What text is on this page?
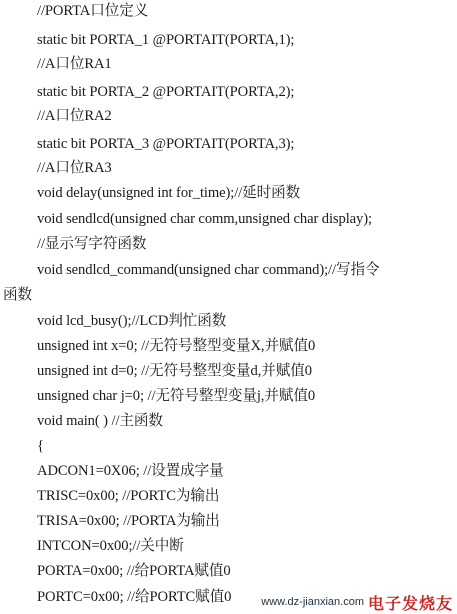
//PORTA口位定义
static bit PORTA_1 @PORTAIT(PORTA,1);
//A口位RA1
static bit PORTA_2 @PORTAIT(PORTA,2);
//A口位RA2
static bit PORTA_3 @PORTAIT(PORTA,3);
//A口位RA3
void delay(unsigned int for_time);//延时函数
void sendlcd(unsigned char comm,unsigned char display);
//显示写字符函数
void sendlcd_command(unsigned char command);//写指令
函数
void lcd_busy();//LCD判忙函数
unsigned int x=0; //无符号整型变量X,并赋值0
unsigned int d=0; //无符号整型变量d,并赋值0
unsigned char j=0; //无符号整型变量j,并赋值0
void main( ) //主函数
{
ADCON1=0X06; //设置成字量
TRISC=0x00; //PORTC为输出
TRISA=0x00; //PORTA为输出
INTCON=0x00;//关中断
PORTA=0x00; //给PORTA赋值0
PORTC=0x00; //给PORTC赋值0	www.dz-jianxian.com 电子发烧友
